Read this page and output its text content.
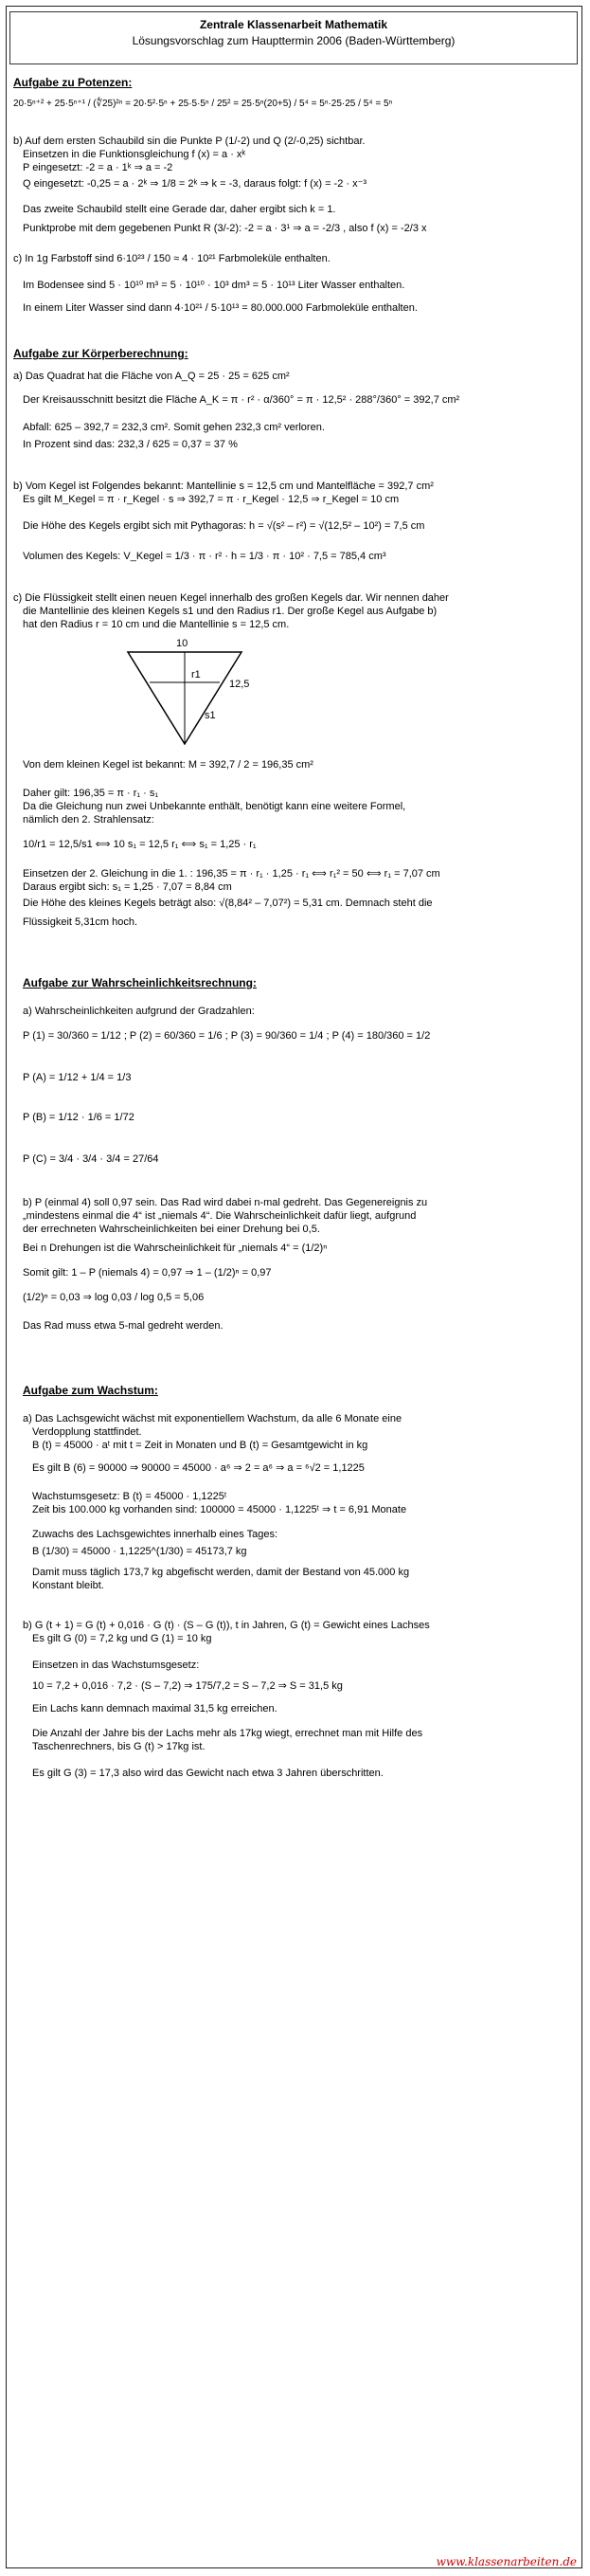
Zentrale Klassenarbeit Mathematik
Lösungsvorschlag zum Haupttermin 2006 (Baden-Württemberg)
Aufgabe zu Potenzen:
20·5ⁿ⁺² + 25·5ⁿ⁺¹ / (∜25)²ⁿ = 20·5²·5ⁿ + 25·5·5ⁿ / 25² = 25·5ⁿ(20+5) / 5⁴ = 5ⁿ·25·25 / 5⁴ = 5ⁿ
b) Auf dem ersten Schaubild sin die Punkte P (1/-2) und Q (2/-0,25) sichtbar.
Einsetzen in die Funktionsgleichung f (x) = a · xᵏ
P eingesetzt: -2 = a · 1ᵏ ⇒ a = -2
Q eingesetzt: -0,25 = a · 2ᵏ ⇒ 1/8 = 2ᵏ ⇒ k = -3, daraus folgt: f (x) = -2 · x⁻³
Das zweite Schaubild stellt eine Gerade dar, daher ergibt sich k = 1.
Punktprobe mit dem gegebenen Punkt R (3/-2): -2 = a · 3¹ ⇒ a = -2/3 , also f (x) = -2/3 x
c) In 1g Farbstoff sind 6·10²³ / 150 ≈ 4 · 10²¹ Farbmoleküle enthalten.
Im Bodensee sind 5 · 10¹⁰ m³ = 5 · 10¹⁰ · 10³ dm³ = 5 · 10¹³ Liter Wasser enthalten.
In einem Liter Wasser sind dann 4·10²¹ / 5·10¹³ = 80.000.000 Farbmoleküle enthalten.
Aufgabe zur Körperberechnung:
a) Das Quadrat hat die Fläche von A_Q = 25 · 25 = 625 cm²
Der Kreisausschnitt besitzt die Fläche A_K = π · r² · α/360° = π · 12,5² · 288°/360° = 392,7 cm²
Abfall: 625 – 392,7 = 232,3 cm². Somit gehen 232,3 cm² verloren.
In Prozent sind das: 232,3 / 625 = 0,37 = 37 %
b) Vom Kegel ist Folgendes bekannt: Mantellinie s = 12,5 cm und Mantelfläche = 392,7 cm²
Es gilt M_Kegel = π · r_Kegel · s ⇒ 392,7 = π · r_Kegel · 12,5 ⇒ r_Kegel = 10 cm
Die Höhe des Kegels ergibt sich mit Pythagoras: h = √(s² – r²) = √(12,5² – 10²) = 7,5 cm
Volumen des Kegels: V_Kegel = 1/3 · π · r² · h = 1/3 · π · 10² · 7,5 = 785,4 cm³
c) Die Flüssigkeit stellt einen neuen Kegel innerhalb des großen Kegels dar. Wir nennen daher
die Mantellinie des kleinen Kegels s1 und den Radius r1. Der große Kegel aus Aufgabe b)
hat den Radius r = 10 cm und die Mantellinie s = 12,5 cm.
10
12,5
r1
s1
Von dem kleinen Kegel ist bekannt: M = 392,7 / 2 = 196,35 cm²
Daher gilt: 196,35 = π · r₁ · s₁
Da die Gleichung nun zwei Unbekannte enthält, benötigt kann eine weitere Formel,
nämlich den 2. Strahlensatz:
10/r1 = 12,5/s1 ⟺ 10 s₁ = 12,5 r₁ ⟺ s₁ = 1,25 · r₁
Einsetzen der 2. Gleichung in die 1. : 196,35 = π · r₁ · 1,25 · r₁ ⟺ r₁² = 50 ⟺ r₁ = 7,07 cm
Daraus ergibt sich: s₁ = 1,25 · 7,07 = 8,84 cm
Die Höhe des kleines Kegels beträgt also: √(8,84² – 7,07²) = 5,31 cm. Demnach steht die
Flüssigkeit 5,31cm hoch.
Aufgabe zur Wahrscheinlichkeitsrechnung:
a) Wahrscheinlichkeiten aufgrund der Gradzahlen:
P (1) = 30/360 = 1/12 ; P (2) = 60/360 = 1/6 ; P (3) = 90/360 = 1/4 ; P (4) = 180/360 = 1/2
P (A) = 1/12 + 1/4 = 1/3
P (B) = 1/12 · 1/6 = 1/72
P (C) = 3/4 · 3/4 · 3/4 = 27/64
b) P (einmal 4) soll 0,97 sein. Das Rad wird dabei n-mal gedreht. Das Gegenereignis zu
„mindestens einmal die 4“ ist „niemals 4“. Die Wahrscheinlichkeit dafür liegt, aufgrund
der errechneten Wahrscheinlichkeiten bei einer Drehung bei 0,5.
Bei n Drehungen ist die Wahrscheinlichkeit für „niemals 4“ = (1/2)ⁿ
Somit gilt: 1 – P (niemals 4) = 0,97 ⇒ 1 – (1/2)ⁿ = 0,97
(1/2)ⁿ = 0,03 ⇒ log 0,03 / log 0,5 = 5,06
Das Rad muss etwa 5-mal gedreht werden.
Aufgabe zum Wachstum:
a) Das Lachsgewicht wächst mit exponentiellem Wachstum, da alle 6 Monate eine
Verdopplung stattfindet.
B (t) = 45000 · aᵗ mit t = Zeit in Monaten und B (t) = Gesamtgewicht in kg
Es gilt B (6) = 90000 ⇒ 90000 = 45000 · a⁶ ⇒ 2 = a⁶ ⇒ a = ⁶√2 = 1,1225
Wachstumsgesetz: B (t) = 45000 · 1,1225ᵗ
Zeit bis 100.000 kg vorhanden sind: 100000 = 45000 · 1,1225ᵗ ⇒ t = 6,91 Monate
Zuwachs des Lachsgewichtes innerhalb eines Tages:
B (1/30) = 45000 · 1,1225^(1/30) = 45173,7 kg
Damit muss täglich 173,7 kg abgefischt werden, damit der Bestand von 45.000 kg
Konstant bleibt.
b) G (t + 1) = G (t) + 0,016 · G (t) · (S – G (t)), t in Jahren, G (t) = Gewicht eines Lachses
Es gilt G (0) = 7,2 kg und G (1) = 10 kg
Einsetzen in das Wachstumsgesetz:
10 = 7,2 + 0,016 · 7,2 · (S – 7,2) ⇒ 175/7,2 = S – 7,2 ⇒ S = 31,5 kg
Ein Lachs kann demnach maximal 31,5 kg erreichen.
Die Anzahl der Jahre bis der Lachs mehr als 17kg wiegt, errechnet man mit Hilfe des
Taschenrechners, bis G (t) > 17kg ist.
Es gilt G (3) = 17,3 also wird das Gewicht nach etwa 3 Jahren überschritten.
www.klassenarbeiten.de
